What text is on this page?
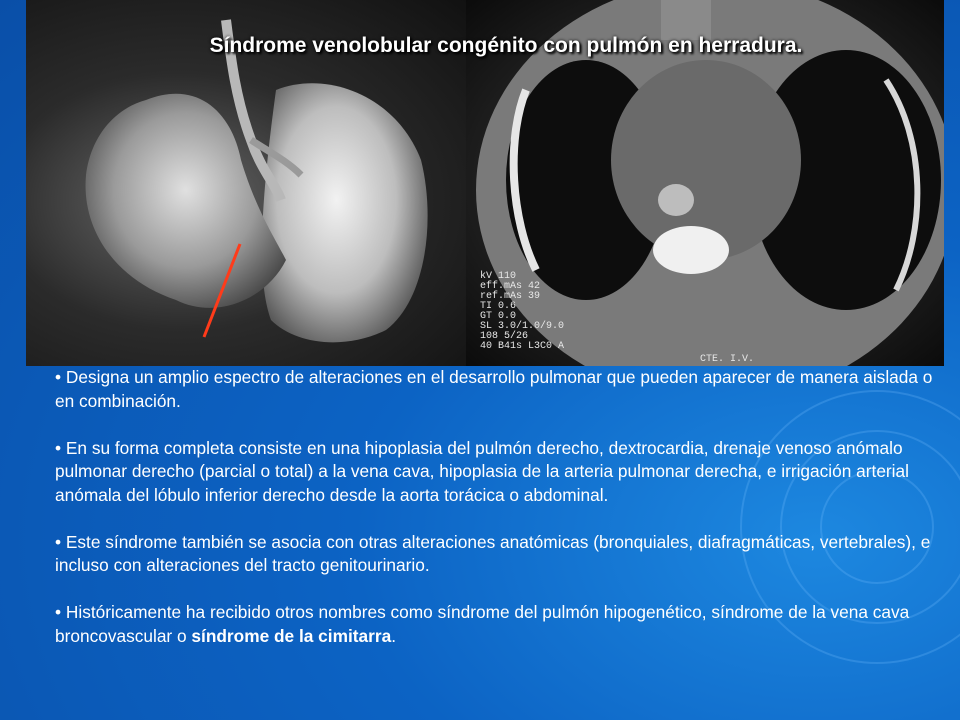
CTE. I.V.
kV 110
eff.mAs 42
ref.mAs 39
TI 0.6
GT 0.0
SL 3.0/1.0/9.0
108 5/26
40 B41s L3C0 A
Síndrome venolobular congénito con pulmón en herradura.

• Designa un amplio espectro de alteraciones en el desarrollo pulmonar que pueden aparecer de manera aislada o en combinación.

• En su forma completa consiste en una hipoplasia del pulmón derecho, dextrocardia, drenaje venoso anómalo pulmonar derecho (parcial o total) a la vena cava, hipoplasia de la arteria pulmonar derecha, e irrigación arterial anómala del lóbulo inferior derecho desde la aorta torácica o abdominal.

• Este síndrome también se asocia con otras alteraciones anatómicas (bronquiales, diafragmáticas, vertebrales), e incluso con alteraciones del tracto genitourinario.

• Históricamente ha recibido otros nombres como síndrome del pulmón hipogenético, síndrome de la vena cava broncovascular o síndrome de la cimitarra.
